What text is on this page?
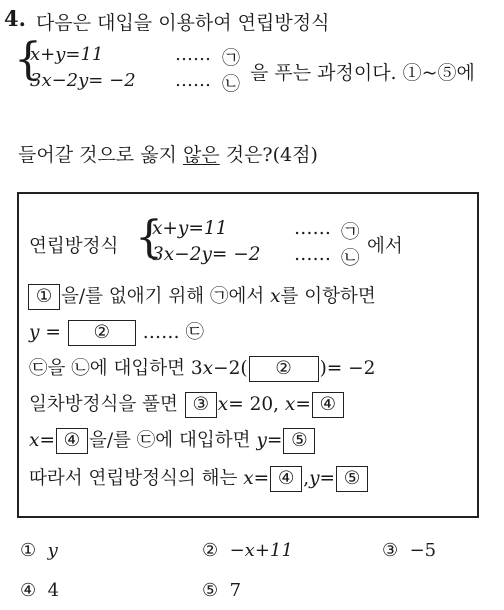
4. 다음은 대입을 이용하여 연립방정식
{
x+y=11	…… ㉠
3x−2y= −2 …… ㉡
을 푸는 과정이다. ①~⑤에
들어갈 것으로 옳지 않은 것은?(4점)
연립방정식 {
x+y=11	…… ㉠
3x−2y= −2 …… ㉡
에서
① 을/를 없애기 위해 ㉠에서 x를 이항하면
y = ② …… ㉢
㉢을 ㉡에 대입하면 3x−2( ② )= −2
일차방정식을 풀면 ③ x= 20, x= ④
x= ④ 을/를 ㉢에 대입하면 y= ⑤
따라서 연립방정식의 해는 x= ④ ,y= ⑤
① y	② −x+11	③ −5
④ 4	⑤ 7
